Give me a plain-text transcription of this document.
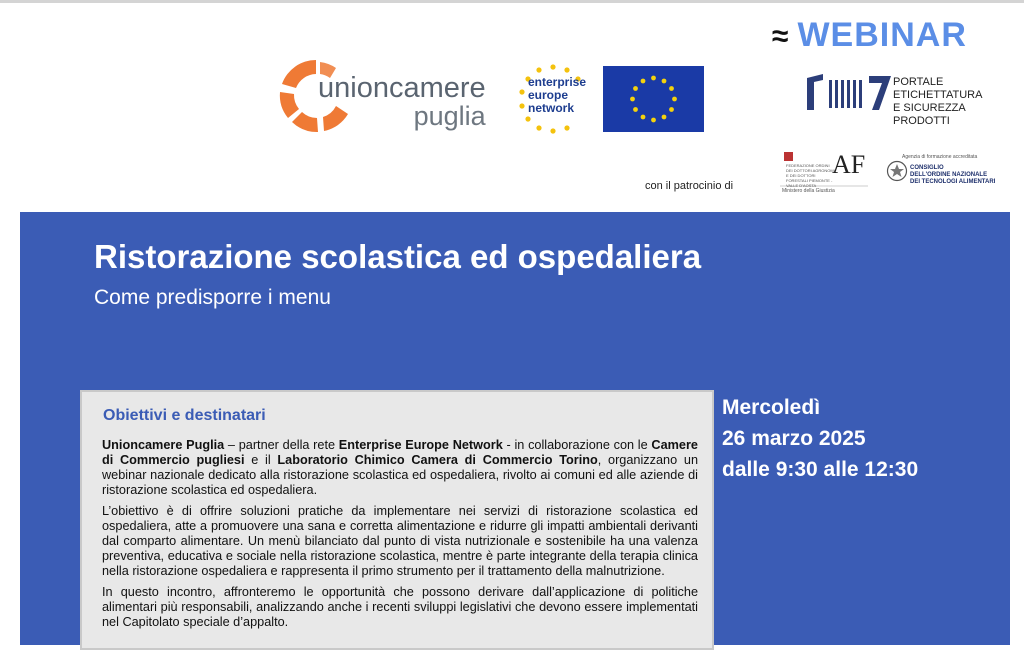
≈ WEBINAR
unioncamere
puglia
enterprise
europe
network
PORTALE ETICHETTATURA
E SICUREZZA PRODOTTI
con il patrocinio di
FEDERAZIONE ORDINI DEI DOTTORI AGRONOMI E DEI DOTTORI FORESTALI PIEMONTE - VALLE D'AOSTA
Ministero della Giustizia
AF	Agenzia di formazione accreditata
CONSIGLIO
DELL'ORDINE NAZIONALE
DEI TECNOLOGI ALIMENTARI
Ristorazione scolastica ed ospedaliera
Come predisporre i menu
Mercoledì
26 marzo 2025
dalle 9:30 alle 12:30
Obiettivi e destinatari

Unioncamere Puglia – partner della rete Enterprise Europe Network - in collaborazione con le Camere di Commercio pugliesi e il Laboratorio Chimico Camera di Commercio Torino, organizzano un webinar nazionale dedicato alla ristorazione scolastica ed ospedaliera, rivolto ai comuni ed alle aziende di ristorazione scolastica ed ospedaliera.

L’obiettivo è di offrire soluzioni pratiche da implementare nei servizi di ristorazione scolastica ed ospedaliera, atte a promuovere una sana e corretta alimentazione e ridurre gli impatti ambientali derivanti dal comparto alimentare. Un menù bilanciato dal punto di vista nutrizionale e sostenibile ha una valenza preventiva, educativa e sociale nella ristorazione scolastica, mentre è parte integrante della terapia clinica nella ristorazione ospedaliera e rappresenta il primo strumento per il trattamento della malnutrizione.

In questo incontro, affronteremo le opportunità che possono derivare dall’applicazione di politiche alimentari più responsabili, analizzando anche i recenti sviluppi legislativi che devono essere implementati nel Capitolato speciale d’appalto.
